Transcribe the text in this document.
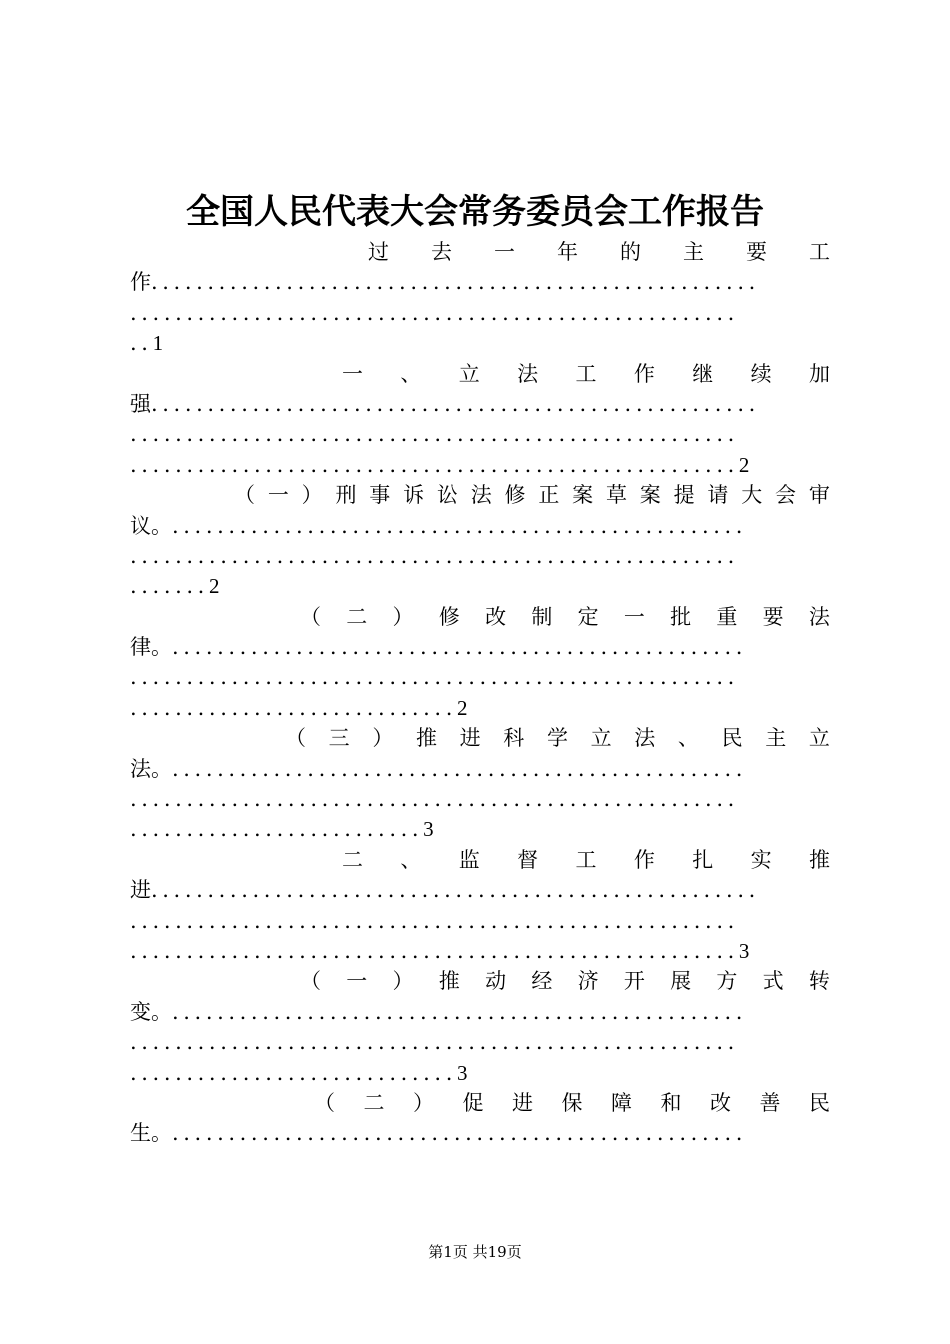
全国人民代表大会常务委员会工作报告
过 去 一 年 的 主 要 工
作......................................................
......................................................
..1
一 、 立 法 工 作 继 续 加
强......................................................
......................................................
......................................................2
（ 一 ） 刑 事 诉 讼 法 修 正 案 草 案 提 请 大 会 审
议。...................................................
......................................................
.......2
（ 二 ） 修 改 制 定 一 批 重 要 法
律。...................................................
......................................................
.............................2
（ 三 ） 推 进 科 学 立 法 、 民 主 立
法。...................................................
......................................................
..........................3
二 、 监 督 工 作 扎 实 推
进......................................................
......................................................
......................................................3
（ 一 ） 推 动 经 济 开 展 方 式 转
变。...................................................
......................................................
.............................3
（ 二 ） 促 进 保 障 和 改 善 民
生。...................................................
第1页 共19页
